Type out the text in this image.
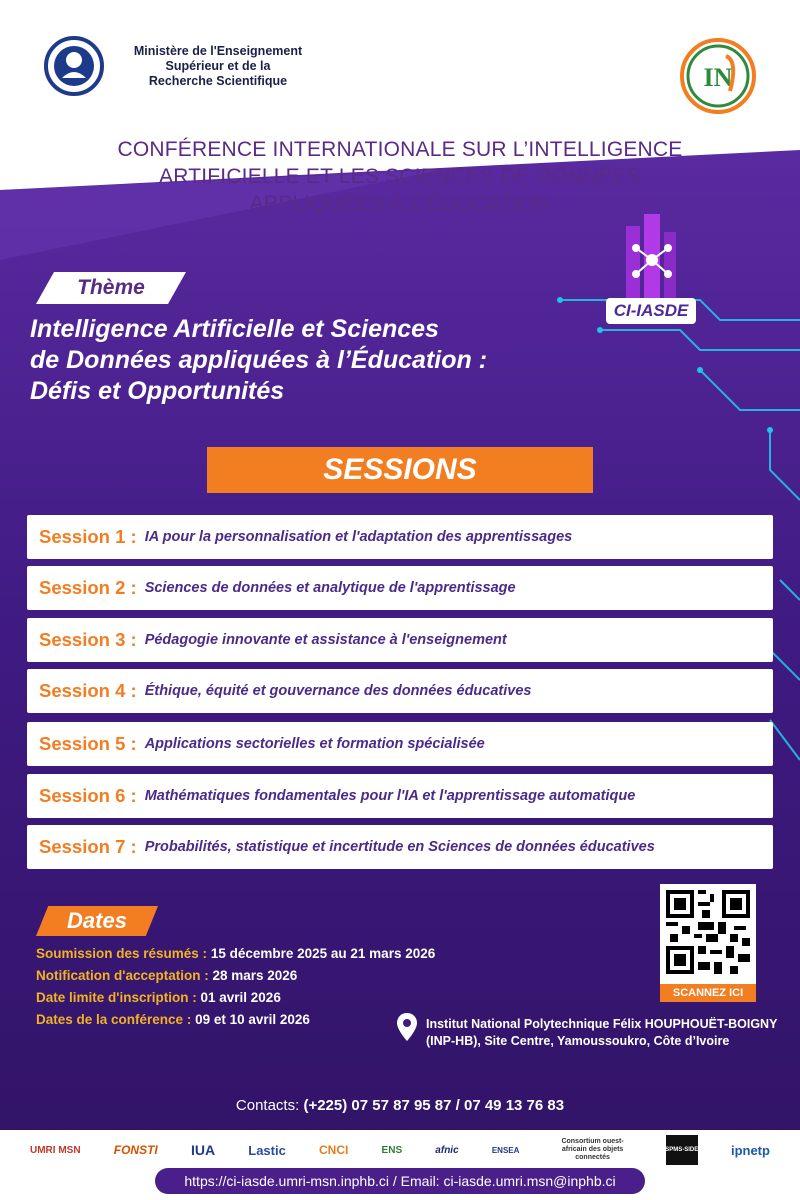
Ministère de l'Enseignement
Supérieur et de la
Recherche Scientifique	IN
CONFÉRENCE INTERNATIONALE SUR L’INTELLIGENCE
ARTIFICIELLE ET LES SCIENCES DE DONNÉES
APPLIQUÉES À L’ÉDUCATION
CI-IASDE
Thème
Intelligence Artificielle et Sciences
de Données appliquées à l’Éducation :
Défis et Opportunités
SESSIONS
Session 1 : IA pour la personnalisation et l'adaptation des apprentissages
Session 2 : Sciences de données et analytique de l'apprentissage
Session 3 : Pédagogie innovante et assistance à l'enseignement
Session 4 : Éthique, équité et gouvernance des données éducatives
Session 5 : Applications sectorielles et formation spécialisée
Session 6 : Mathématiques fondamentales pour l'IA et l'apprentissage automatique
Session 7 : Probabilités, statistique et incertitude en Sciences de données éducatives
Dates
Soumission des résumés : 15 décembre 2025 au 21 mars 2026
Notification d'acceptation : 28 mars 2026
Date limite d'inscription : 01 avril 2026
Dates de la conférence : 09 et 10 avril 2026
SCANNEZ ICI
Institut National Polytechnique Félix HOUPHOUËT-BOIGNY
(INP-HB), Site Centre, Yamoussoukro, Côte d’Ivoire
Contacts: (+225) 07 57 87 95 87 / 07 49 13 76 83
UMRI MSN	FONSTI IUA	Lastic	CNCI	ENS	afnic	ENSEA
Consortium ouest-africain des objets connectés
SPMS-SIDE	ipnetp
https://ci-iasde.umri-msn.inphb.ci / Email: ci-iasde.umri.msn@inphb.ci
